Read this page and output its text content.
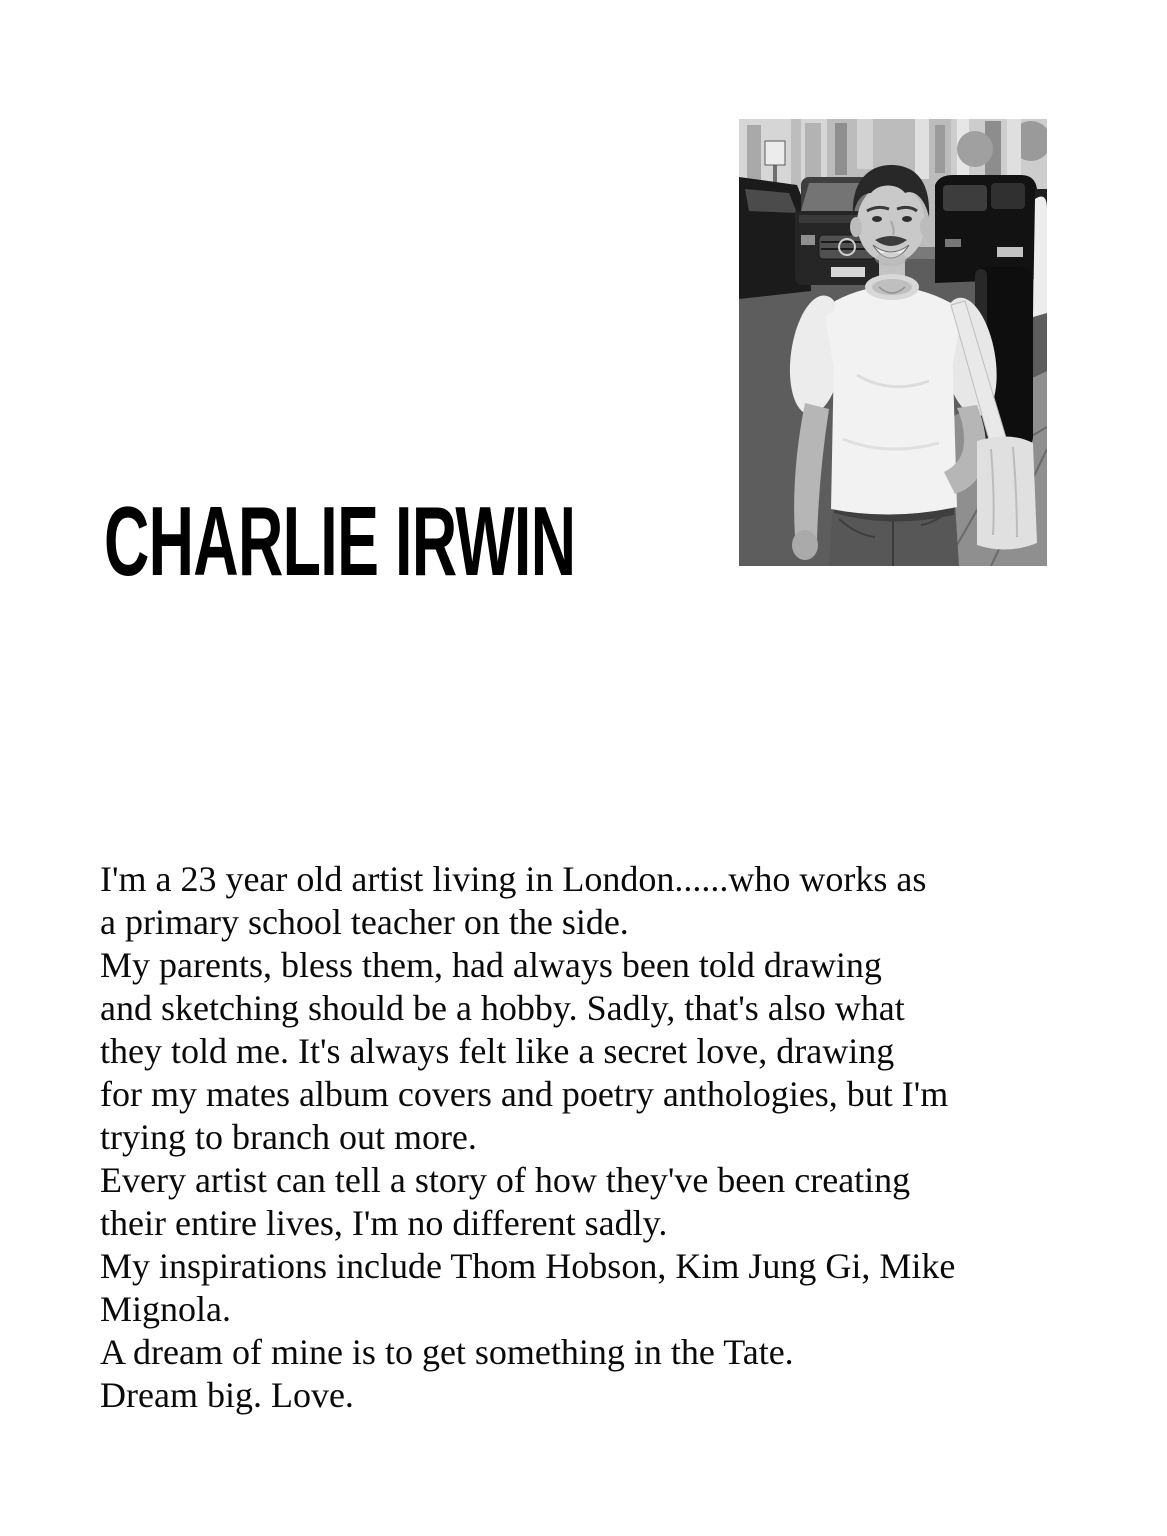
CHARLIE IRWIN

I'm a 23 year old artist living in London......who works as

a primary school teacher on the side.

My parents, bless them, had always been told drawing

and sketching should be a hobby. Sadly, that's also what

they told me. It's always felt like a secret love, drawing

for my mates album covers and poetry anthologies, but I'm

trying to branch out more.

Every artist can tell a story of how they've been creating

their entire lives, I'm no different sadly.

My inspirations include Thom Hobson, Kim Jung Gi, Mike

Mignola.

A dream of mine is to get something in the Tate.

Dream big. Love.
